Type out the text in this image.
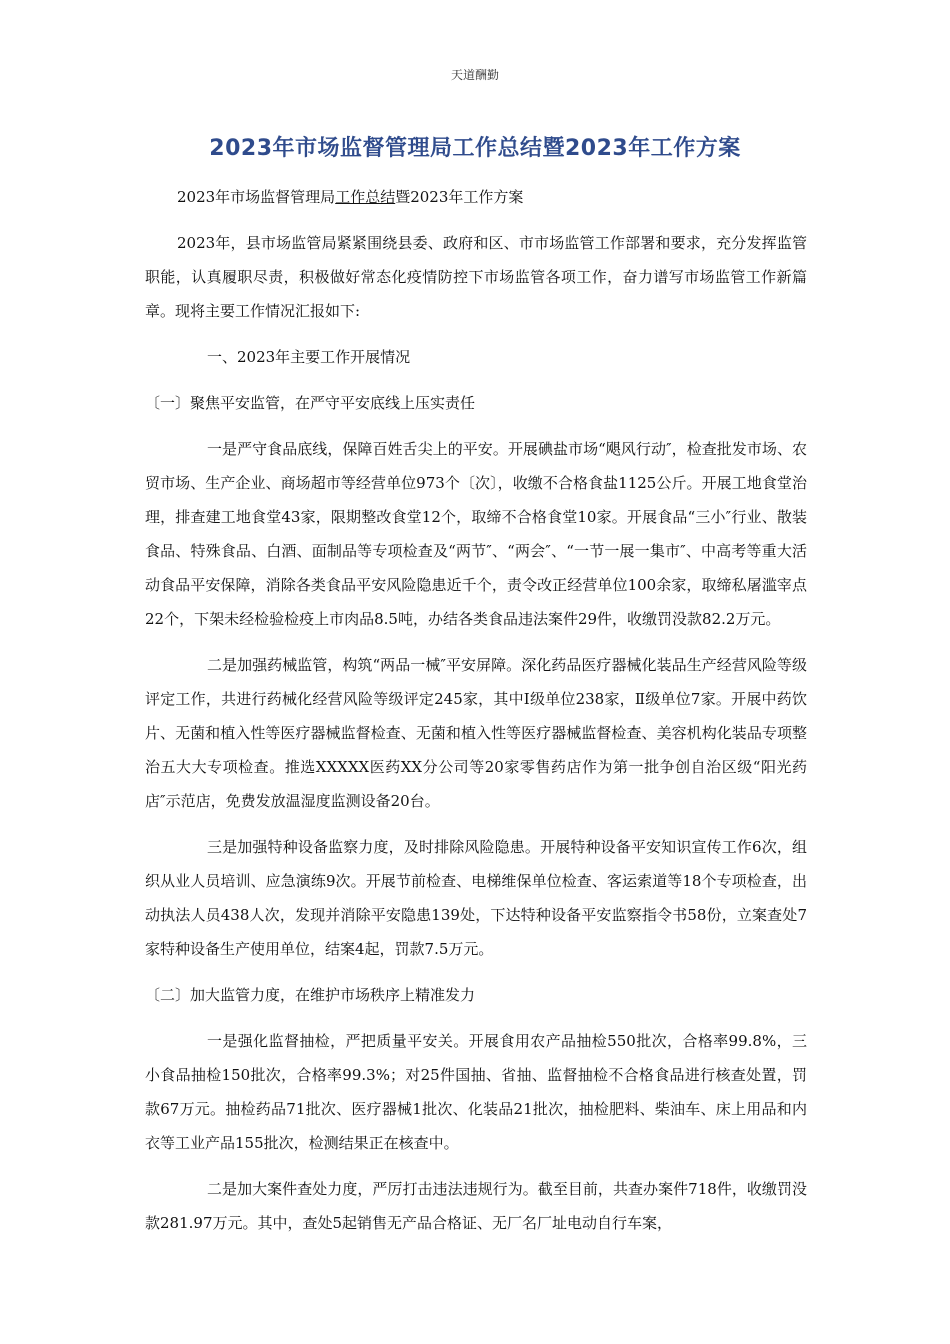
天道酬勤
2023年市场监督管理局工作总结暨2023年工作方案

2023年市场监督管理局工作总结暨2023年工作方案

2023年，县市场监管局紧紧围绕县委、政府和区、市市场监管工作部署和要求，充分发挥监管职能，认真履职尽责，积极做好常态化疫情防控下市场监管各项工作，奋力谱写市场监管工作新篇章。现将主要工作情况汇报如下:

一、2023年主要工作开展情况

〔一〕聚焦平安监管，在严守平安底线上压实责任

一是严守食品底线，保障百姓舌尖上的平安。开展碘盐市场“飓风行动″，检查批发市场、农贸市场、生产企业、商场超市等经营单位973个〔次〕，收缴不合格食盐1125公斤。开展工地食堂治理，排查建工地食堂43家，限期整改食堂12个，取缔不合格食堂10家。开展食品“三小″行业、散装食品、特殊食品、白酒、面制品等专项检查及“两节″、“两会″、“一节一展一集市″、中高考等重大活动食品平安保障，消除各类食品平安风险隐患近千个，责令改正经营单位100余家，取缔私屠滥宰点22个，下架未经检验检疫上市肉品8.5吨，办结各类食品违法案件29件，收缴罚没款82.2万元。

二是加强药械监管，构筑“两品一械″平安屏障。深化药品医疗器械化装品生产经营风险等级评定工作，共进行药械化经营风险等级评定245家，其中Ⅰ级单位238家，Ⅱ级单位7家。开展中药饮片、无菌和植入性等医疗器械监督检查、无菌和植入性等医疗器械监督检查、美容机构化装品专项整治五大大专项检查。推选XXXXX医药XX分公司等20家零售药店作为第一批争创自治区级“阳光药店″示范店，免费发放温湿度监测设备20台。

三是加强特种设备监察力度，及时排除风险隐患。开展特种设备平安知识宣传工作6次，组织从业人员培训、应急演练9次。开展节前检查、电梯维保单位检查、客运索道等18个专项检查，出动执法人员438人次，发现并消除平安隐患139处，下达特种设备平安监察指令书58份，立案查处7家特种设备生产使用单位，结案4起，罚款7.5万元。

〔二〕加大监管力度，在维护市场秩序上精准发力

一是强化监督抽检，严把质量平安关。开展食用农产品抽检550批次，合格率99.8%，三小食品抽检150批次，合格率99.3%；对25件国抽、省抽、监督抽检不合格食品进行核查处置，罚款67万元。抽检药品71批次、医疗器械1批次、化装品21批次，抽检肥料、柴油车、床上用品和内衣等工业产品155批次，检测结果正在核查中。

二是加大案件查处力度，严厉打击违法违规行为。截至目前，共查办案件718件，收缴罚没款281.97万元。其中，查处5起销售无产品合格证、无厂名厂址电动自行车案，
